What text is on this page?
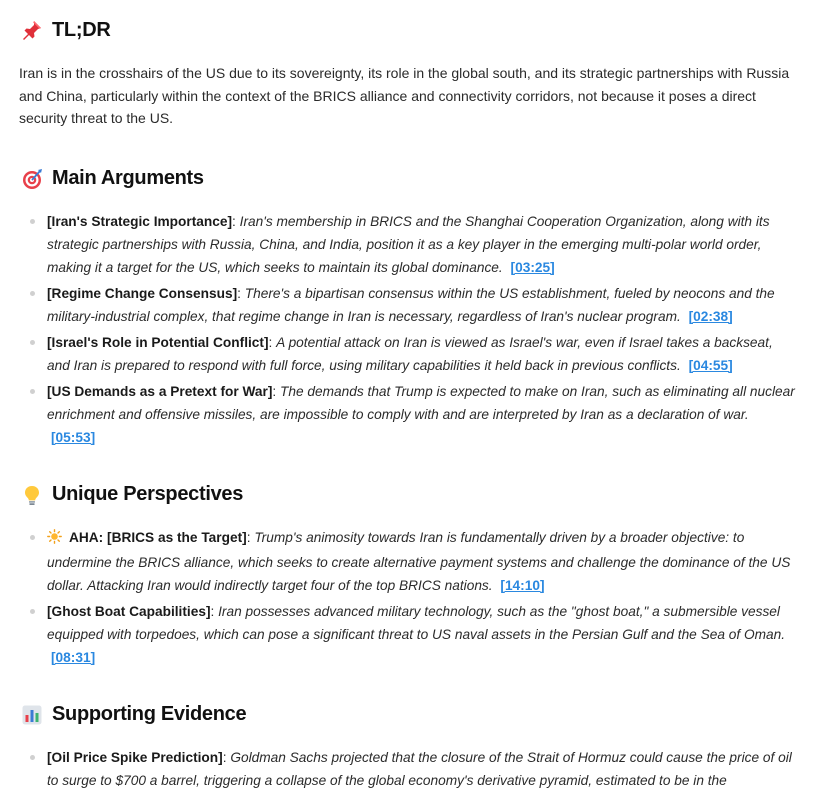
TL;DR

Iran is in the crosshairs of the US due to its sovereignty, its role in the global south, and its strategic partnerships with Russia and China, particularly within the context of the BRICS alliance and connectivity corridors, not because it poses a direct security threat to the US.

Main Arguments
[Iran's Strategic Importance]: Iran's membership in BRICS and the Shanghai Cooperation Organization, along with its strategic partnerships with Russia, China, and India, position it as a key player in the emerging multi-polar world order, making it a target for the US, which seeks to maintain its global dominance. [03:25]
[Regime Change Consensus]: There's a bipartisan consensus within the US establishment, fueled by neocons and the military-industrial complex, that regime change in Iran is necessary, regardless of Iran's nuclear program. [02:38]
[Israel's Role in Potential Conflict]: A potential attack on Iran is viewed as Israel's war, even if Israel takes a backseat, and Iran is prepared to respond with full force, using military capabilities it held back in previous conflicts. [04:55]
[US Demands as a Pretext for War]: The demands that Trump is expected to make on Iran, such as eliminating all nuclear enrichment and offensive missiles, are impossible to comply with and are interpreted by Iran as a declaration of war. [05:53]
Unique Perspectives
AHA: [BRICS as the Target]: Trump's animosity towards Iran is fundamentally driven by a broader objective: to undermine the BRICS alliance, which seeks to create alternative payment systems and challenge the dominance of the US dollar. Attacking Iran would indirectly target four of the top BRICS nations. [14:10]
[Ghost Boat Capabilities]: Iran possesses advanced military technology, such as the "ghost boat," a submersible vessel equipped with torpedoes, which can pose a significant threat to US naval assets in the Persian Gulf and the Sea of Oman. [08:31]
Supporting Evidence
[Oil Price Spike Prediction]: Goldman Sachs projected that the closure of the Strait of Hormuz could cause the price of oil to surge to $700 a barrel, triggering a collapse of the global economy's derivative pyramid, estimated to be in the
